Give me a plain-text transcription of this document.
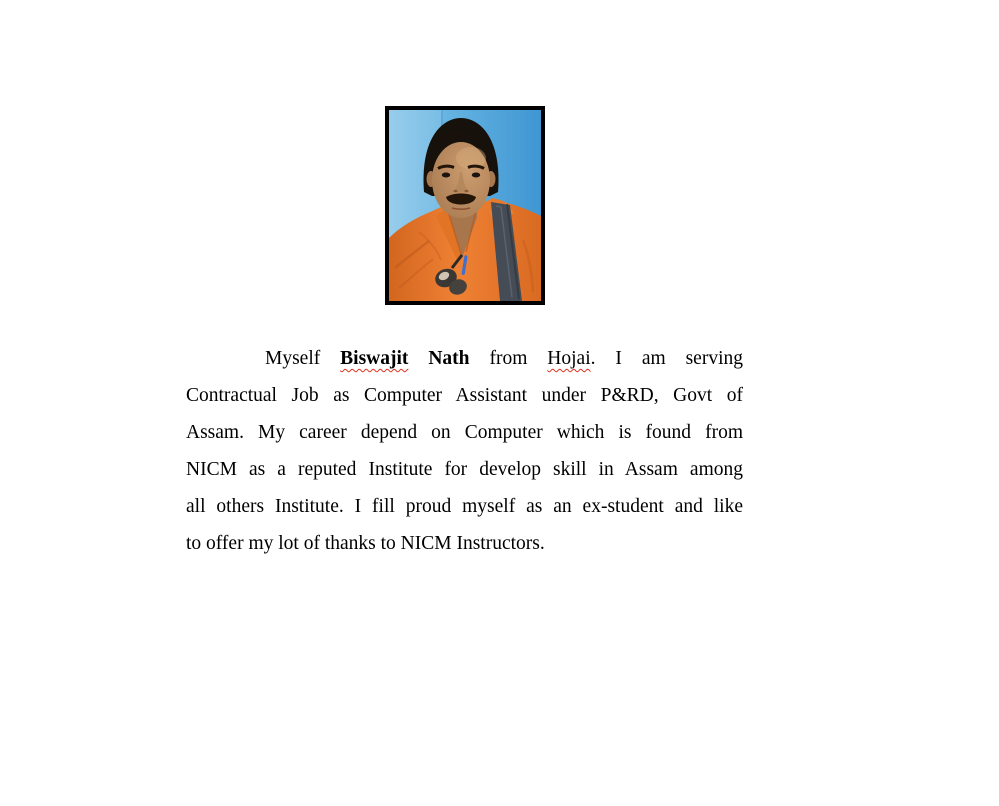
Myself Biswajit Nath from Hojai. I am serving
Contractual Job as Computer Assistant under P&RD, Govt of
Assam. My career depend on Computer which is found from
NICM as a reputed Institute for develop skill in Assam among
all others Institute. I fill proud myself as an ex-student and like
to offer my lot of thanks to NICM Instructors.
